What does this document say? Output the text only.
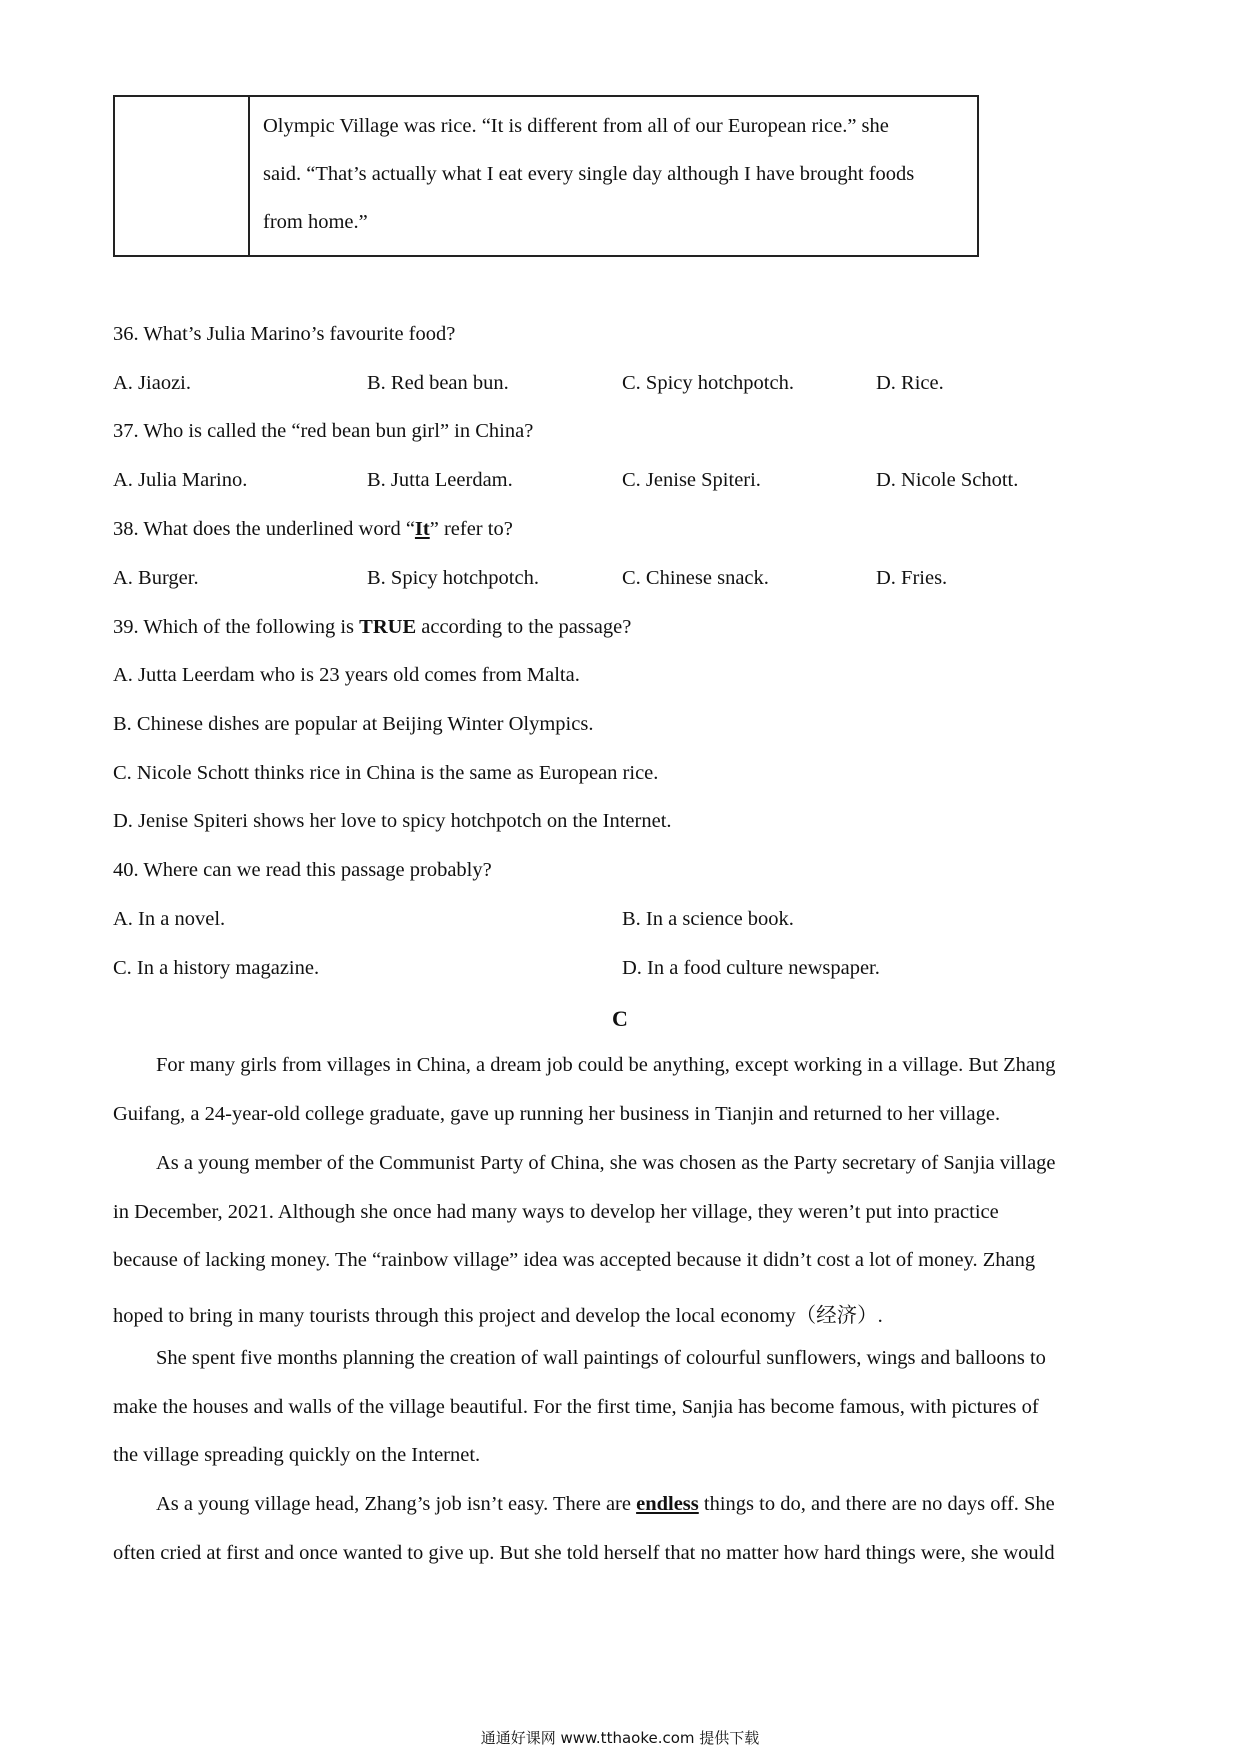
Olympic Village was rice. “It is different from all of our European rice.” she
said. “That’s actually what I eat every single day although I have brought foods
from home.”
36. What’s Julia Marino’s favourite food?
A. Jiaozi.	B. Red bean bun.	C. Spicy hotchpotch.	D. Rice.
37. Who is called the “red bean bun girl” in China?
A. Julia Marino.	B. Jutta Leerdam.	C. Jenise Spiteri.	D. Nicole Schott.
38. What does the underlined word “It” refer to?
A. Burger.	B. Spicy hotchpotch.	C. Chinese snack.	D. Fries.
39. Which of the following is TRUE according to the passage?
A. Jutta Leerdam who is 23 years old comes from Malta.
B. Chinese dishes are popular at Beijing Winter Olympics.
C. Nicole Schott thinks rice in China is the same as European rice.
D. Jenise Spiteri shows her love to spicy hotchpotch on the Internet.
40. Where can we read this passage probably?
A. In a novel.	B. In a science book.
C. In a history magazine.	D. In a food culture newspaper.
C
For many girls from villages in China, a dream job could be anything, except working in a village. But Zhang
Guifang, a 24-year-old college graduate, gave up running her business in Tianjin and returned to her village.
As a young member of the Communist Party of China, she was chosen as the Party secretary of Sanjia village
in December, 2021. Although she once had many ways to develop her village, they weren’t put into practice
because of lacking money. The “rainbow village” idea was accepted because it didn’t cost a lot of money. Zhang
hoped to bring in many tourists through this project and develop the local economy（经济）.
She spent five months planning the creation of wall paintings of colourful sunflowers, wings and balloons to
make the houses and walls of the village beautiful. For the first time, Sanjia has become famous, with pictures of
the village spreading quickly on the Internet.
As a young village head, Zhang’s job isn’t easy. There are endless things to do, and there are no days off. She
often cried at first and once wanted to give up. But she told herself that no matter how hard things were, she would
通通好课网 www.tthaoke.com 提供下载
